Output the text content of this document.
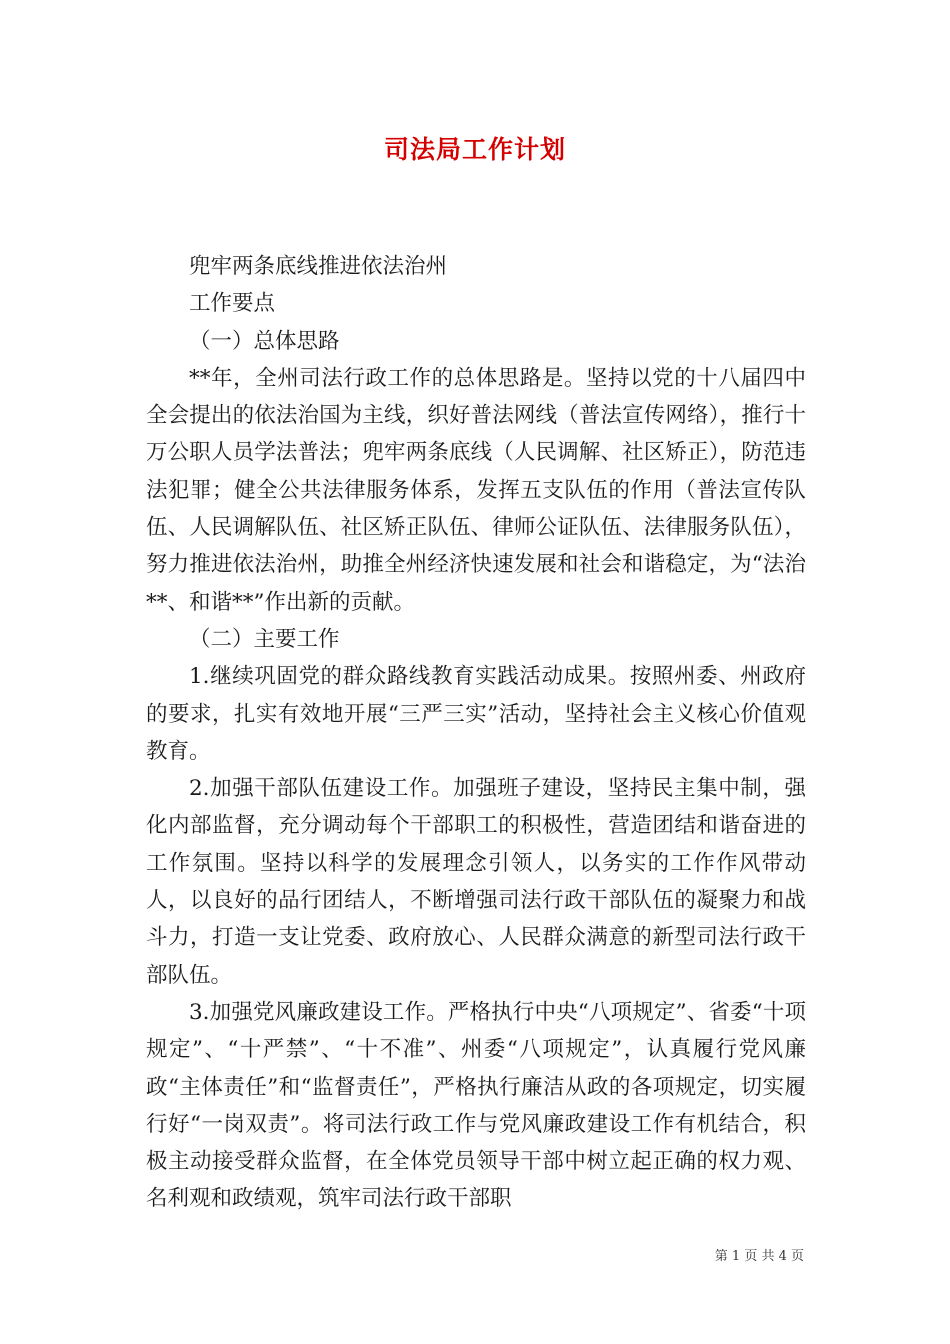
司法局工作计划

兜牢两条底线推进依法治州

工作要点

（一）总体思路

**年，全州司法行政工作的总体思路是。坚持以党的十八届四中全会提出的依法治国为主线，织好普法网线（普法宣传网络），推行十万公职人员学法普法；兜牢两条底线（人民调解、社区矫正），防范违法犯罪；健全公共法律服务体系，发挥五支队伍的作用（普法宣传队伍、人民调解队伍、社区矫正队伍、律师公证队伍、法律服务队伍），努力推进依法治州，助推全州经济快速发展和社会和谐稳定，为“法治**、和谐**”作出新的贡献。

（二）主要工作

1.继续巩固党的群众路线教育实践活动成果。按照州委、州政府的要求，扎实有效地开展“三严三实”活动，坚持社会主义核心价值观教育。

2.加强干部队伍建设工作。加强班子建设，坚持民主集中制，强化内部监督，充分调动每个干部职工的积极性，营造团结和谐奋进的工作氛围。坚持以科学的发展理念引领人，以务实的工作作风带动人，以良好的品行团结人，不断增强司法行政干部队伍的凝聚力和战斗力，打造一支让党委、政府放心、人民群众满意的新型司法行政干部队伍。

3.加强党风廉政建设工作。严格执行中央“八项规定”、省委“十项规定”、“十严禁”、“十不准”、州委“八项规定”，认真履行党风廉政“主体责任”和“监督责任”，严格执行廉洁从政的各项规定，切实履行好“一岗双责”。将司法行政工作与党风廉政建设工作有机结合，积极主动接受群众监督，在全体党员领导干部中树立起正确的权力观、名利观和政绩观，筑牢司法行政干部职

第 1 页 共 4 页
